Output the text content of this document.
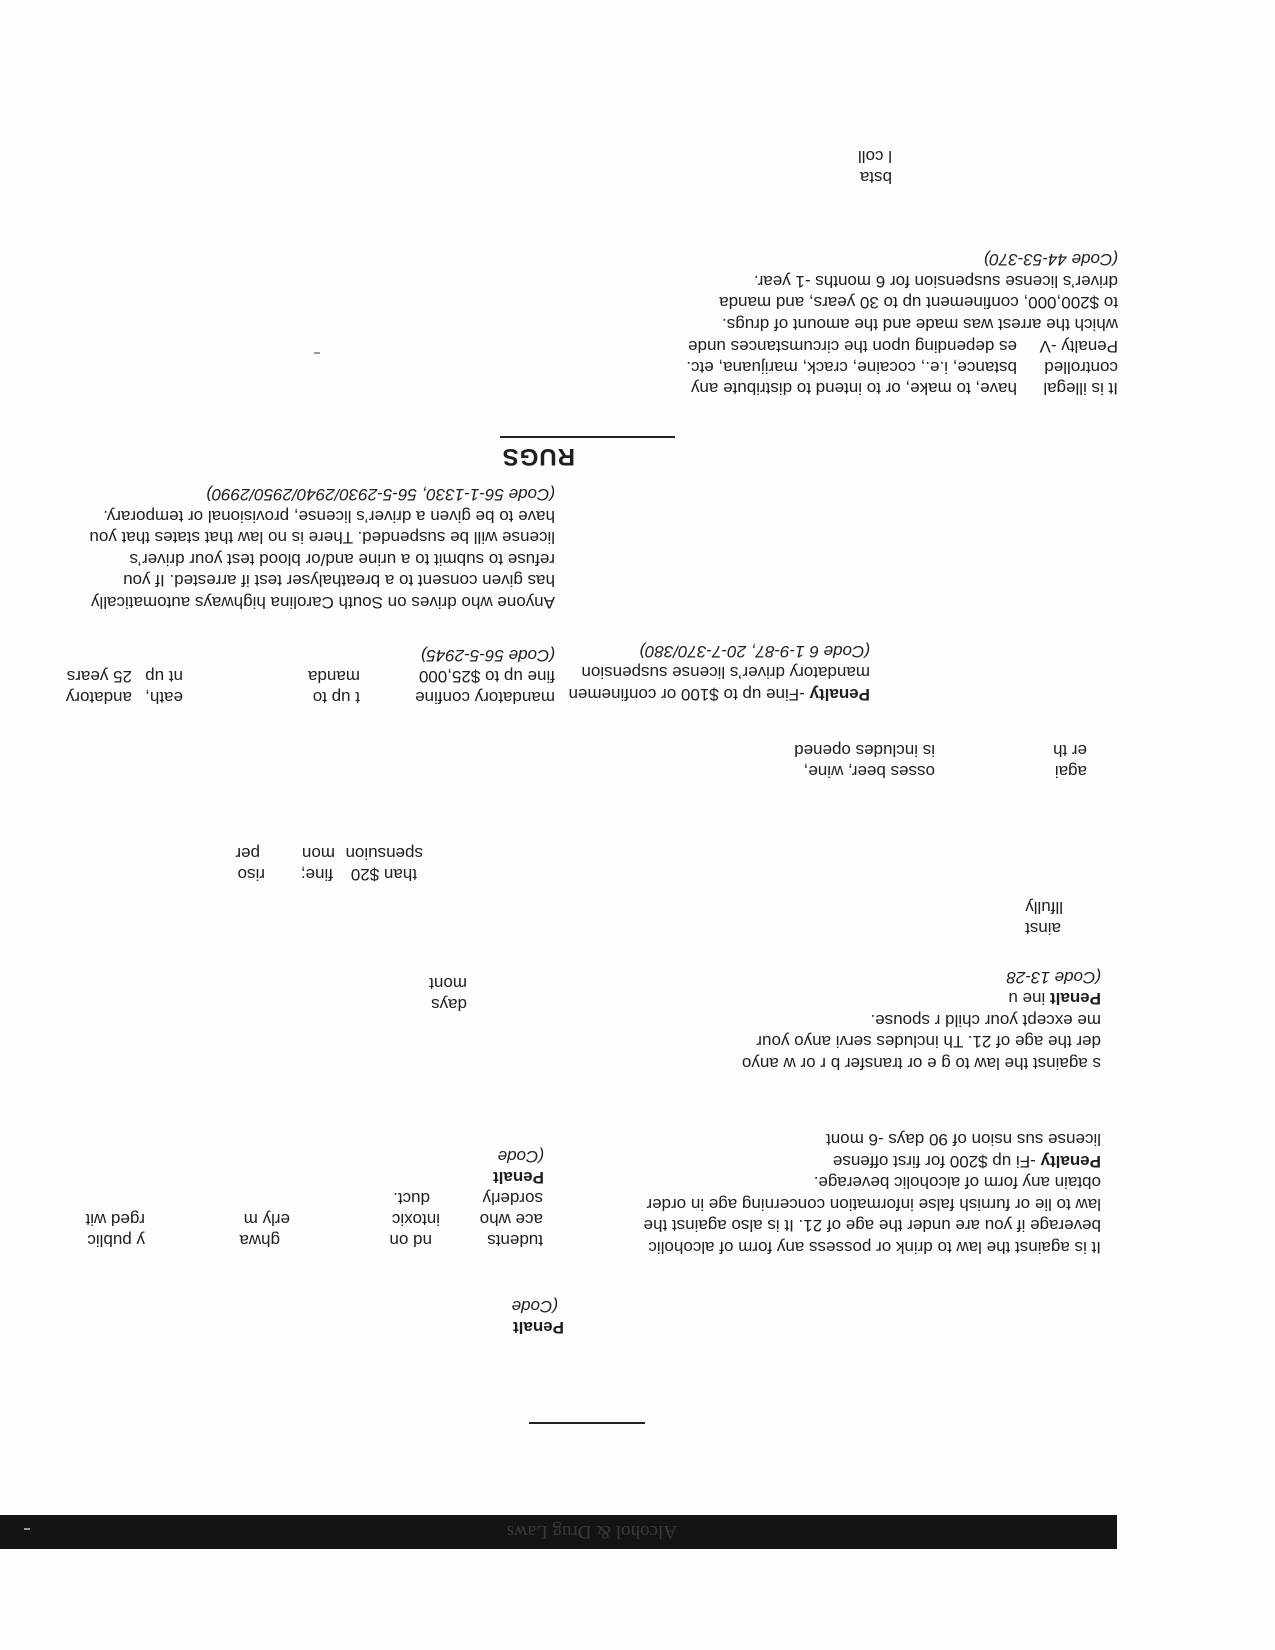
Alcohol & Drug Laws
Penalt
(Code
It is against the law to drink or possess any form of alcoholic
beverage if you are under the age of 21. It is also against the
law to lie or furnish false information concerning age in order
obtain any form of alcoholic beverage.
Penalty -Fi up $200 for first offense
license sus nsion of 90 days -6 mont
tudents
nd on
ghwa
y public
ace who
intoxic
erly m
rged wit
sorderly
duct.
Penalt
(Code
s against the law to g e or transfer b r or w anyo
der the age of 21. Th includes servi anyo your
me except your child r spouse.
Penalt ine u
(Code 13-28
days
mont
ainst
llfully
than $20
fine;
riso
spensuion
mon
per
agai
osses beer, wine,
er th
is includes opened
Penalty -Fine up to $100 or confinemen
mandatory driver’s license suspension
(Code 6 1-9-87, 20-7-370/380)
mandatory confine
t up to
eath,
andatory
fine up to $25,000
manda
nt up
25 years
(Code 56-5-2945)
Anyone who drives on South Carolina highways automatically
has given consent to a breathalyser test if arrested. If you
refuse to submit to a urine and/or blood test your driver’s
license will be suspended. There is no law that states that you
have to be given a driver’s license, provisional or temporary.
(Code 56-1-1330, 56-5-2930/2940/2950/2990)
RUGS
It is illegal
have, to make, or to intend to distribute any
controlled
bstance, i.e., cocaine, crack, marijuana, etc.
Penalty -V
es depending upon the circumstances unde
which the arrest was made and the amount of drugs.
to $200,000, confinement up to 30 years, and manda
driver’s license suspension for 6 months -1 year.
(Code 44-53-370)
bsta
l coll
